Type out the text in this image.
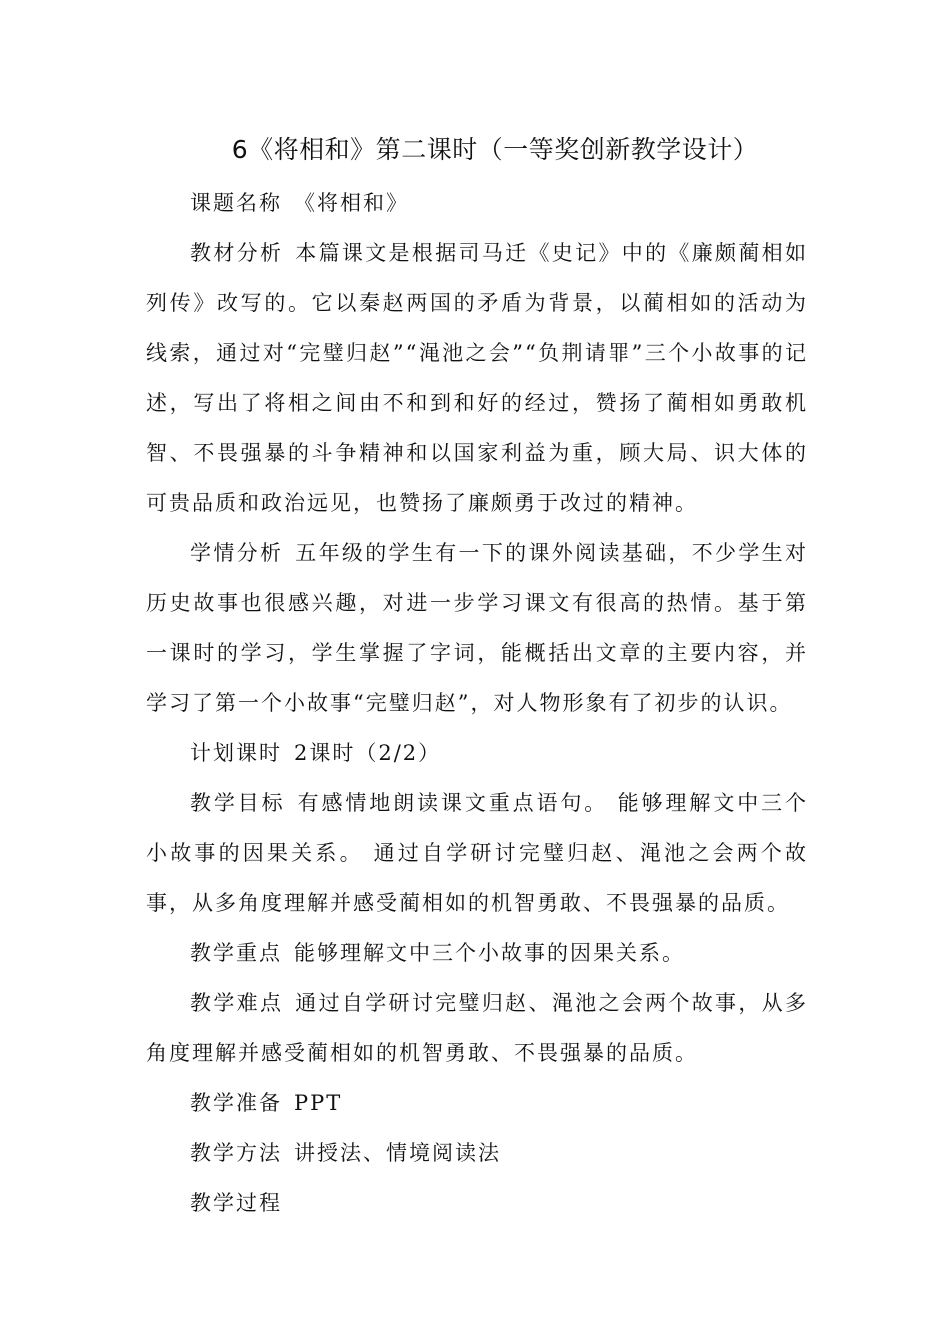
6《将相和》第二课时（一等奖创新教学设计）

课题名称 《将相和》

教材分析 本篇课文是根据司马迁《史记》中的《廉颇蔺相如列传》改写的。它以秦赵两国的矛盾为背景，以蔺相如的活动为线索，通过对“完璧归赵”“渑池之会”“负荆请罪”三个小故事的记述，写出了将相之间由不和到和好的经过，赞扬了蔺相如勇敢机智、不畏强暴的斗争精神和以国家利益为重，顾大局、识大体的可贵品质和政治远见，也赞扬了廉颇勇于改过的精神。

学情分析 五年级的学生有一下的课外阅读基础，不少学生对历史故事也很感兴趣，对进一步学习课文有很高的热情。基于第一课时的学习，学生掌握了字词，能概括出文章的主要内容，并学习了第一个小故事“完璧归赵”，对人物形象有了初步的认识。

计划课时 2课时（2/2）

教学目标 有感情地朗读课文重点语句。 能够理解文中三个小故事的因果关系。 通过自学研讨完璧归赵、渑池之会两个故事，从多角度理解并感受蔺相如的机智勇敢、不畏强暴的品质。

教学重点 能够理解文中三个小故事的因果关系。

教学难点 通过自学研讨完璧归赵、渑池之会两个故事，从多角度理解并感受蔺相如的机智勇敢、不畏强暴的品质。

教学准备 PPT

教学方法 讲授法、情境阅读法

教学过程
